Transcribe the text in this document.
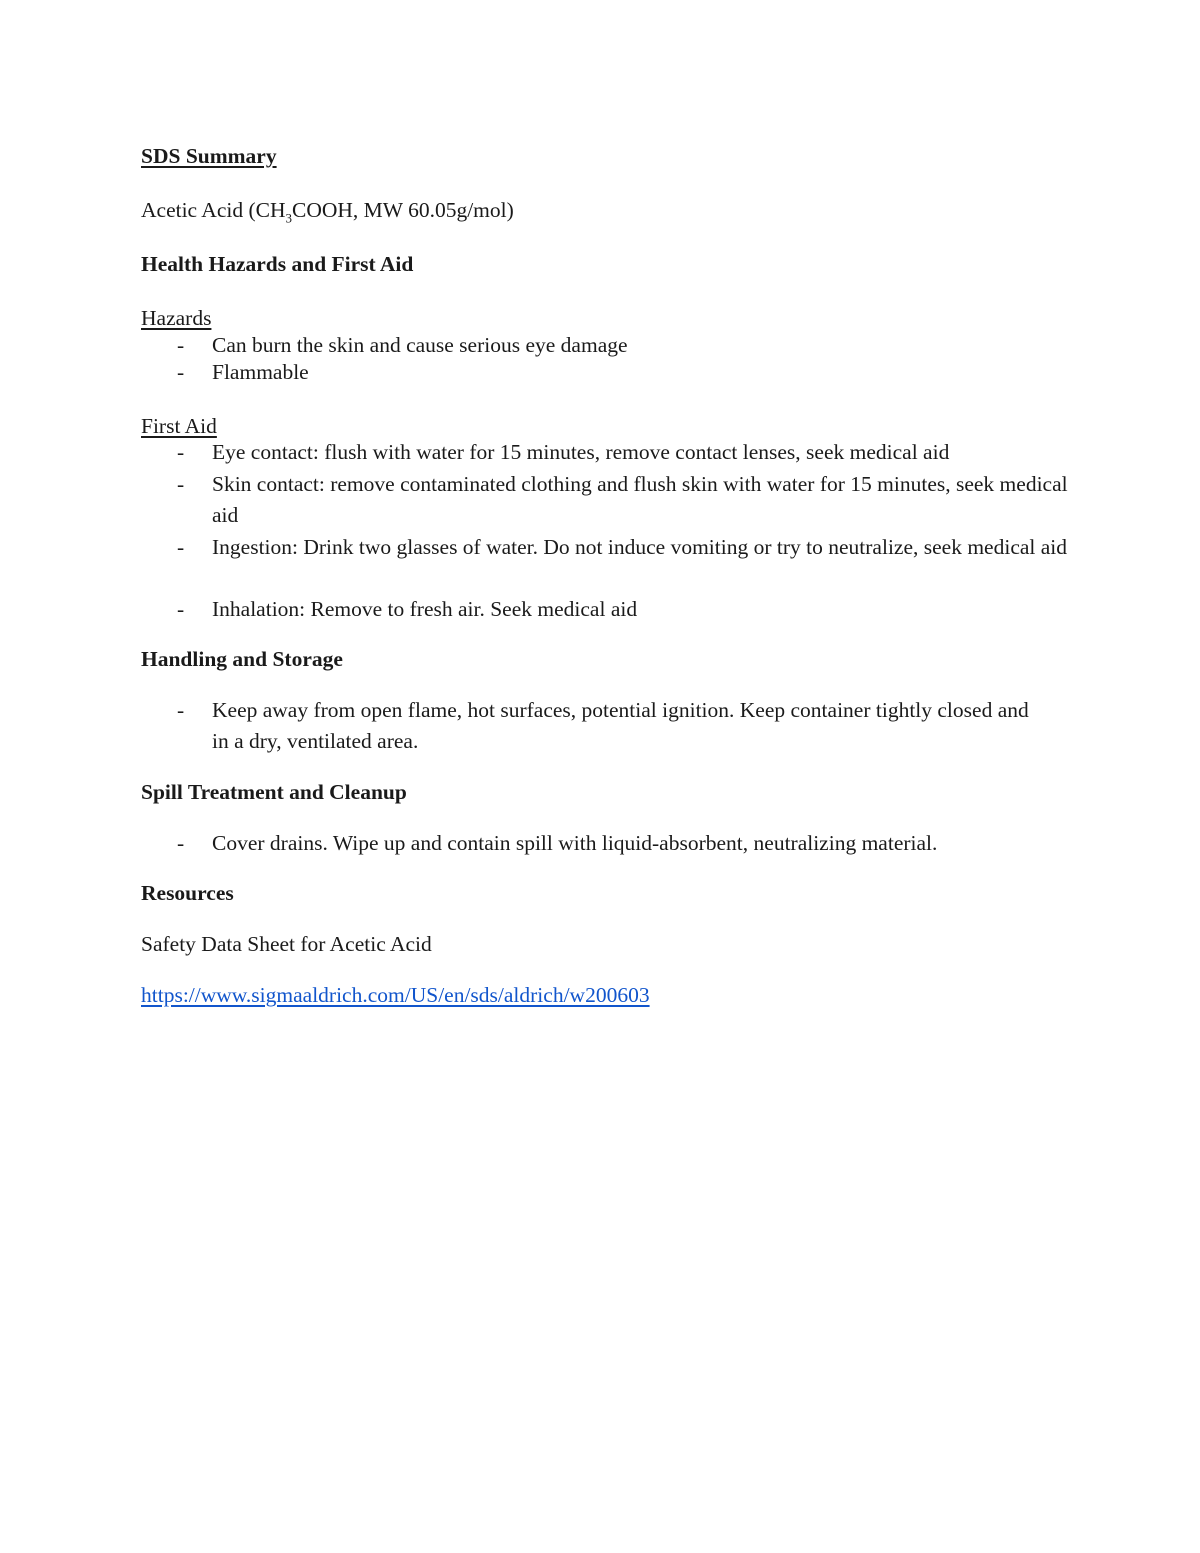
SDS Summary
Acetic Acid ($CH_3COOH$, MW 60.05g/mol)
Health Hazards and First Aid
Hazards
- Can burn the skin and cause serious eye damage
- Flammable
First Aid
- Eye contact: flush with water for 15 minutes, remove contact lenses, seek medical aid
- Skin contact: remove contaminated clothing and flush skin with water for 15 minutes, seek medical aid
- Ingestion: Drink two glasses of water. Do not induce vomiting or try to neutralize, seek medical aid
- Inhalation: Remove to fresh air. Seek medical aid
Handling and Storage
- Keep away from open flame, hot surfaces, potential ignition. Keep container tightly closed and in a dry, ventilated area.
Spill Treatment and Cleanup
- Cover drains. Wipe up and contain spill with liquid-absorbent, neutralizing material.
Resources
Safety Data Sheet for Acetic Acid
https://www.sigmaaldrich.com/US/en/sds/aldrich/w200603
